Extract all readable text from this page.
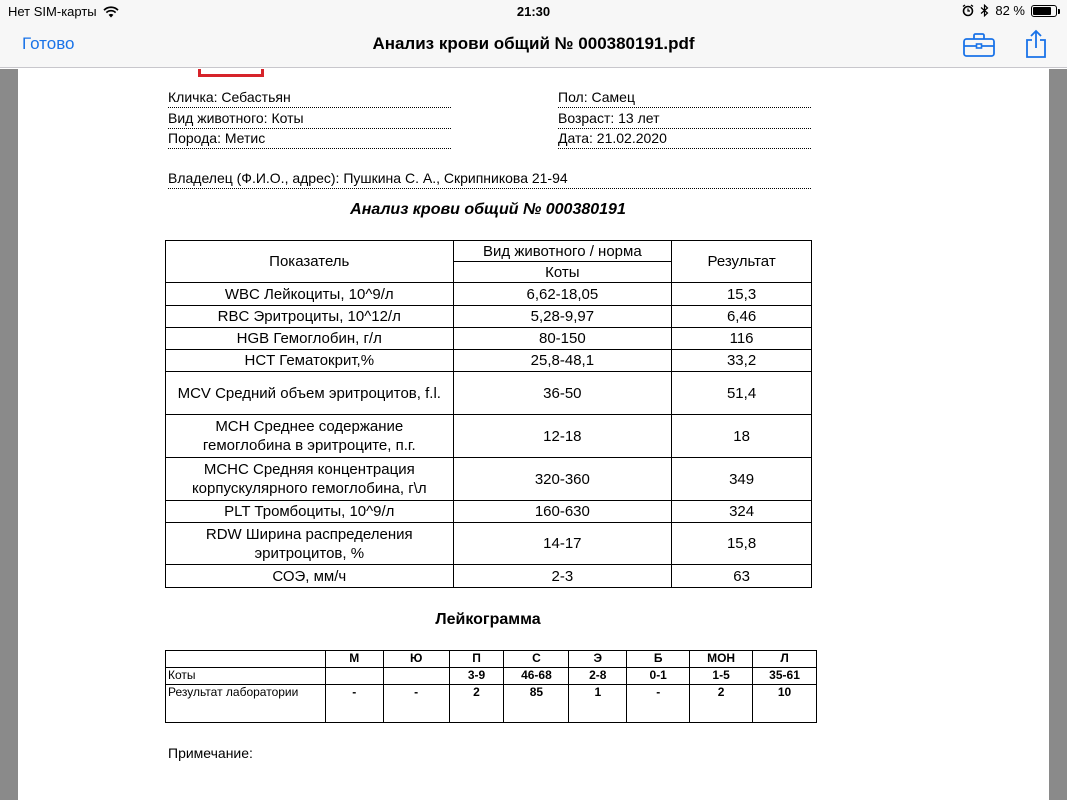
Нет SIM-карты	21:30	82 %
Готово	Анализ крови общий № 000380191.pdf
Кличка: Себастьян
Вид животного: Коты
Порода: Метис
Пол: Самец
Возраст: 13 лет
Дата: 21.02.2020
Владелец (Ф.И.О., адрес): Пушкина С. А., Скрипникова 21-94
Анализ крови общий № 000380191
Показатель	Вид животного / норма	Результат
	Коты	
WBC Лейкоциты, 10^9/л	6,62-18,05	15,3
RBC Эритроциты, 10^12/л	5,28-9,97	6,46
HGB Гемоглобин, г/л	80-150	116
HCT Гематокрит,%	25,8-48,1	33,2
MCV Средний объем эритроцитов, f.l.	36-50	51,4
MCH Среднее содержание гемоглобина в эритроците, п.г.	12-18	18
MCHC Средняя концентрация корпускулярного гемоглобина, г\л	320-360	349
PLT Тромбоциты, 10^9/л	160-630	324
RDW Ширина распределения эритроцитов, %	14-17	15,8
СОЭ, мм/ч	2-3	63
Лейкограмма
	М	Ю	П	С	Э	Б	МОН	Л
Коты			3-9	46-68	2-8	0-1	1-5	35-61
Результат лаборатории	-	-	2	85	1	-	2	10
Примечание:
